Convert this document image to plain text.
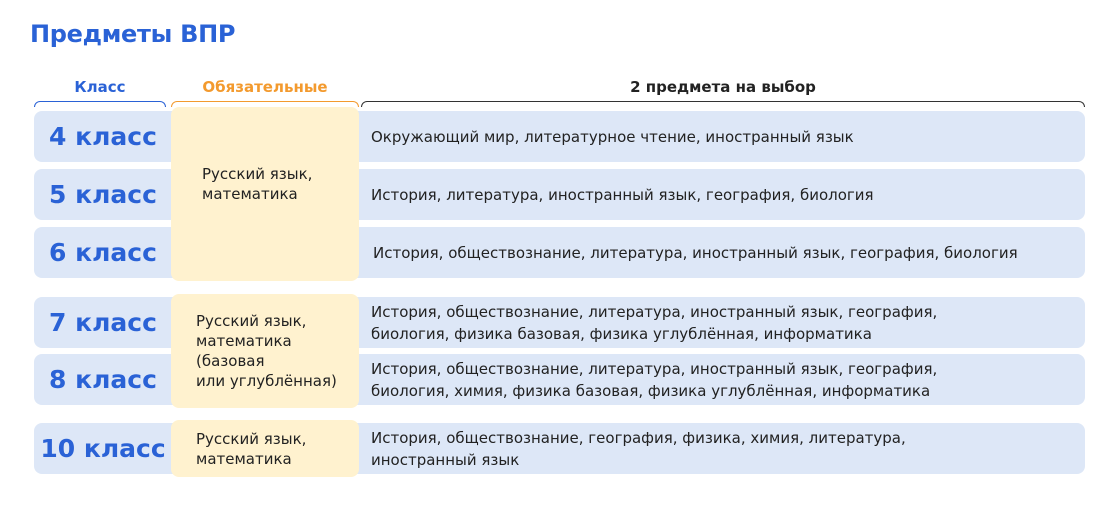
Предметы ВПР
Класс	Обязательные	2 предмета на выбор
4 класс
5 класс
6 класс
7 класс
8 класс
10 класс
Русский язык,
математика
Русский язык,
математика
(базовая
или углублённая)
Русский язык,
математика
Окружающий мир, литературное чтение, иностранный язык
История, литература, иностранный язык, география, биология
История, обществознание, литература, иностранный язык, география, биология
История, обществознание, литература, иностранный язык, география,
биология, физика базовая, физика углублённая, информатика
История, обществознание, литература, иностранный язык, география,
биология, химия, физика базовая, физика углублённая, информатика
История, обществознание, география, физика, химия, литература,
иностранный язык
